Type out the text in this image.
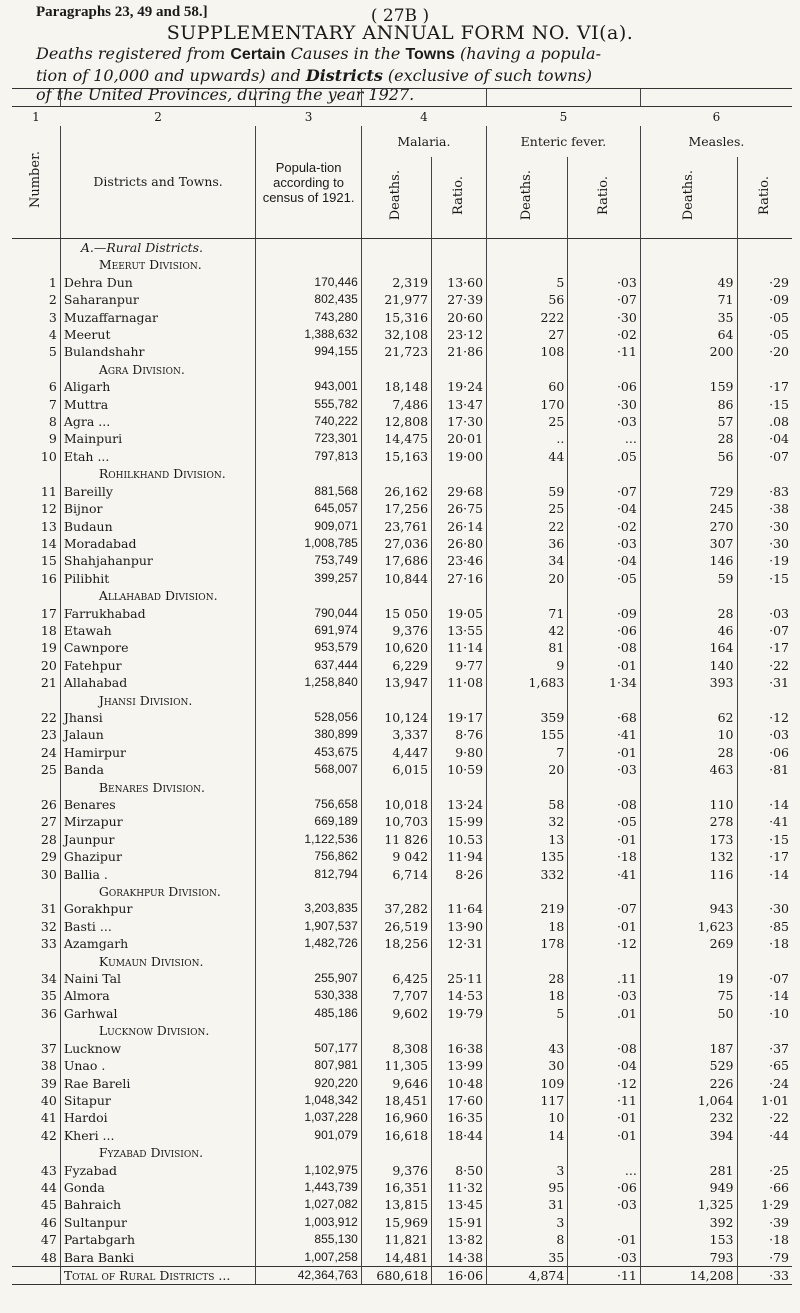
( 27B )
Paragraphs 23, 49 and 58.]
SUPPLEMENTARY ANNUAL FORM NO. VI(a).
Deaths registered from Certain Causes in the Towns (having a popula-
tion of 10,000 and upwards) and Districts (exclusive of such towns)
of the United Provinces, during the year 1927.
1	2	3	4	5	6
Number.	Districts and Towns.	Popula-tion according to census of 1921.	Malaria.		Enteric fever.		Measles.	
			Deaths.	Ratio.	Deaths.	Ratio.	Deaths.	Ratio.
	A.—Rural Districts.							
	Meerut Division.							
1	Dehra Dun	170,446	2,319	13·60	5	·03	49	·29
2	Saharanpur	802,435	21,977	27·39	56	·07	71	·09
3	Muzaffarnagar	743,280	15,316	20·60	222	·30	35	·05
4	Meerut	1,388,632	32,108	23·12	27	·02	64	·05
5	Bulandshahr	994,155	21,723	21·86	108	·11	200	·20
	Agra Division.							
6	Aligarh	943,001	18,148	19·24	60	·06	159	·17
7	Muttra	555,782	7,486	13·47	170	·30	86	·15
8	Agra ...	740,222	12,808	17·30	25	·03	57	.08
9	Mainpuri	723,301	14,475	20·01	..	...	28	·04
10	Etah ...	797,813	15,163	19·00	44	.05	56	·07
	Rohilkhand Division.							
11	Bareilly	881,568	26,162	29·68	59	·07	729	·83
12	Bijnor	645,057	17,256	26·75	25	·04	245	·38
13	Budaun	909,071	23,761	26·14	22	·02	270	·30
14	Moradabad	1,008,785	27,036	26·80	36	·03	307	·30
15	Shahjahanpur	753,749	17,686	23·46	34	·04	146	·19
16	Pilibhit	399,257	10,844	27·16	20	·05	59	·15
	Allahabad Division.							
17	Farrukhabad	790,044	15 050	19·05	71	·09	28	·03
18	Etawah	691,974	9,376	13·55	42	·06	46	·07
19	Cawnpore	953,579	10,620	11·14	81	·08	164	·17
20	Fatehpur	637,444	6,229	9·77	9	·01	140	·22
21	Allahabad	1,258,840	13,947	11·08	1,683	1·34	393	·31
	Jhansi Division.							
22	Jhansi	528,056	10,124	19·17	359	·68	62	·12
23	Jalaun	380,899	3,337	8·76	155	·41	10	·03
24	Hamirpur	453,675	4,447	9·80	7	·01	28	·06
25	Banda	568,007	6,015	10·59	20	·03	463	·81
	Benares Division.							
26	Benares	756,658	10,018	13·24	58	·08	110	·14
27	Mirzapur	669,189	10,703	15·99	32	·05	278	·41
28	Jaunpur	1,122,536	11 826	10.53	13	·01	173	·15
29	Ghazipur	756,862	9 042	11·94	135	·18	132	·17
30	Ballia .	812,794	6,714	8·26	332	·41	116	·14
	Gorakhpur Division.							
31	Gorakhpur	3,203,835	37,282	11·64	219	·07	943	·30
32	Basti ...	1,907,537	26,519	13·90	18	·01	1,623	·85
33	Azamgarh	1,482,726	18,256	12·31	178	·12	269	·18
	Kumaun Division.							
34	Naini Tal	255,907	6,425	25·11	28	.11	19	·07
35	Almora	530,338	7,707	14·53	18	·03	75	·14
36	Garhwal	485,186	9,602	19·79	5	.01	50	·10
	Lucknow Division.							
37	Lucknow	507,177	8,308	16·38	43	·08	187	·37
38	Unao .	807,981	11,305	13·99	30	·04	529	·65
39	Rae Bareli	920,220	9,646	10·48	109	·12	226	·24
40	Sitapur	1,048,342	18,451	17·60	117	·11	1,064	1·01
41	Hardoi	1,037,228	16,960	16·35	10	·01	232	·22
42	Kheri ...	901,079	16,618	18·44	14	·01	394	·44
	Fyzabad Division.							
43	Fyzabad	1,102,975	9,376	8·50	3	...	281	·25
44	Gonda	1,443,739	16,351	11·32	95	·06	949	·66
45	Bahraich	1,027,082	13,815	13·45	31	·03	1,325	1·29
46	Sultanpur	1,003,912	15,969	15·91	3		392	·39
47	Partabgarh	855,130	11,821	13·82	8	·01	153	·18
48	Bara Banki	1,007,258	14,481	14·38	35	·03	793	·79
	Total of Rural Districts ...	42,364,763	680,618	16·06	4,874	·11	14,208	·33
